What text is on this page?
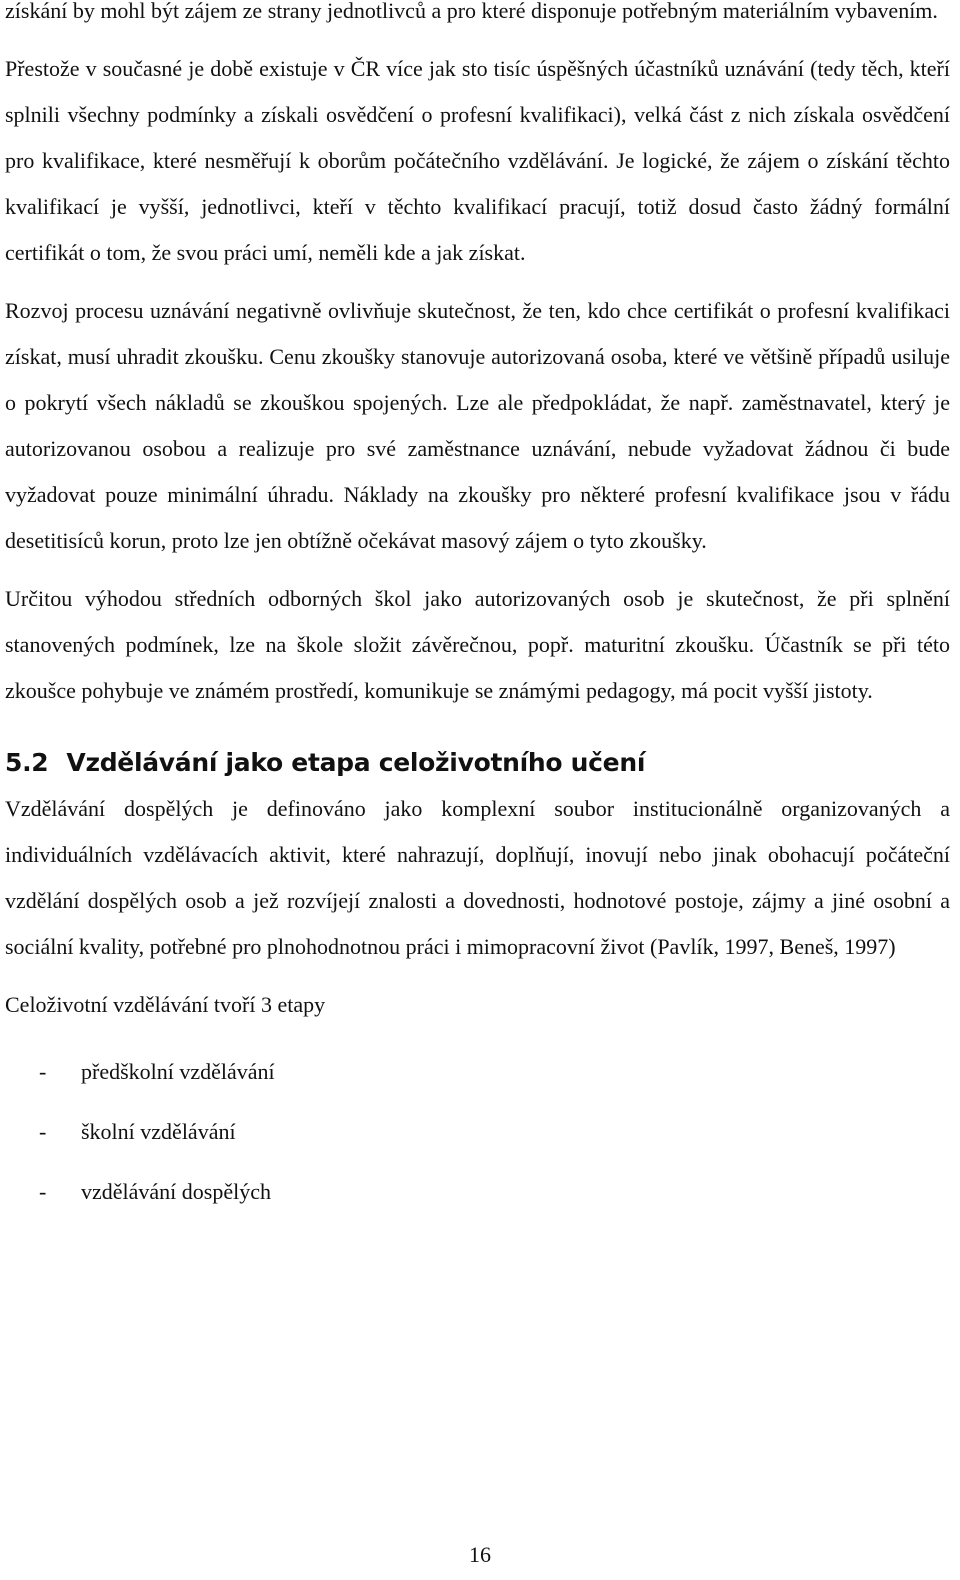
získání by mohl být zájem ze strany jednotlivců a pro které disponuje potřebným materiálním vybavením.

Přestože v současné je době existuje v ČR více jak sto tisíc úspěšných účastníků uznávání (tedy těch, kteří splnili všechny podmínky a získali osvědčení o profesní kvalifikaci), velká část z nich získala osvědčení pro kvalifikace, které nesměřují k oborům počátečního vzdělávání. Je logické, že zájem o získání těchto kvalifikací je vyšší, jednotlivci, kteří v těchto kvalifikací pracují, totiž dosud často žádný formální certifikát o tom, že svou práci umí, neměli kde a jak získat.

Rozvoj procesu uznávání negativně ovlivňuje skutečnost, že ten, kdo chce certifikát o profesní kvalifikaci získat, musí uhradit zkoušku. Cenu zkoušky stanovuje autorizovaná osoba, které ve většině případů usiluje o pokrytí všech nákladů se zkouškou spojených. Lze ale předpokládat, že např. zaměstnavatel, který je autorizovanou osobou a realizuje pro své zaměstnance uznávání, nebude vyžadovat žádnou či bude vyžadovat pouze minimální úhradu. Náklady na zkoušky pro některé profesní kvalifikace jsou v řádu desetitisíců korun, proto lze jen obtížně očekávat masový zájem o tyto zkoušky.

Určitou výhodou středních odborných škol jako autorizovaných osob je skutečnost, že při splnění stanovených podmínek, lze na škole složit závěrečnou, popř. maturitní zkoušku. Účastník se při této zkoušce pohybuje ve známém prostředí, komunikuje se známými pedagogy, má pocit vyšší jistoty.

5.2 Vzdělávání jako etapa celoživotního učení

Vzdělávání dospělých je definováno jako komplexní soubor institucionálně organizovaných a individuálních vzdělávacích aktivit, které nahrazují, doplňují, inovují nebo jinak obohacují počáteční vzdělání dospělých osob a jež rozvíjejí znalosti a dovednosti, hodnotové postoje, zájmy a jiné osobní a sociální kvality, potřebné pro plnohodnotnou práci i mimopracovní život (Pavlík, 1997, Beneš, 1997)

Celoživotní vzdělávání tvoří 3 etapy

-	předškolní vzdělávání
-	školní vzdělávání
-	vzdělávání dospělých
16
